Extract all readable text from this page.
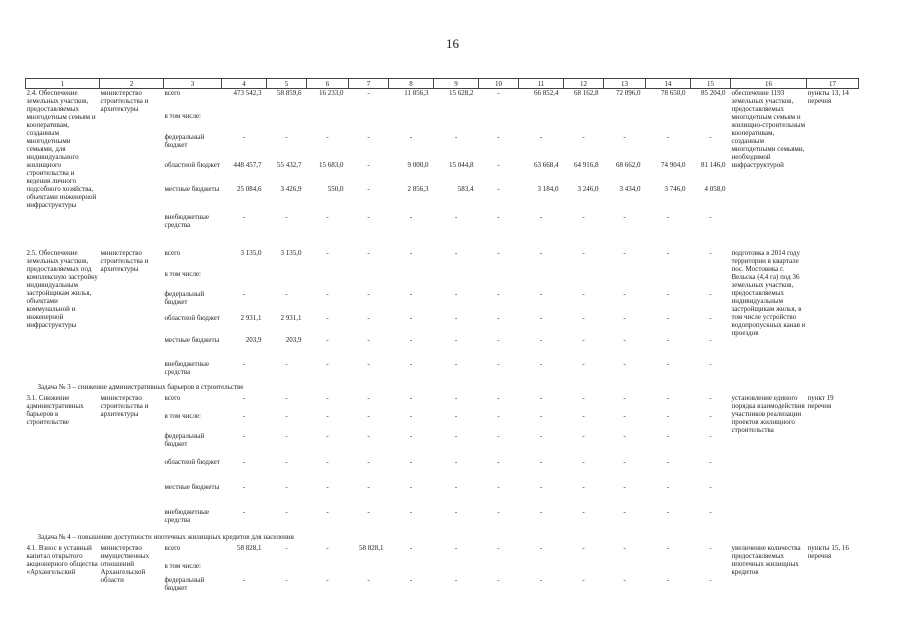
16
1	2	3	4	5	6	7	8	9	10	11	12	13	14	15	16	17
2.4. Обеспечение земельных участков, предоставляемых многодетным семьям и кооперативам, созданным многодетными семьями, для индивидуального жилищного строительства и ведения личного подсобного хозяйства, объектами инженерной инфраструктуры	министерство строительства и архитектуры	всего	473 542,3	58 859,6	16 233,0	-	11 856,3	15 628,2	-	66 852,4	68 162,8	72 096,0	78 650,0	85 204,0	обеспечение 1193 земельных участков, предоставляемых многодетным семьям и жилищно-строительным кооперативам, созданным многодетными семьями, необходимой инфраструктурой	пункты 13, 14 перечня
		в том числе:														
		федеральный бюджет	-	-	-	-	-	-	-	-	-	-	-	-		
		областной бюджет	448 457,7	55 432,7	15 683,0	-	9 000,0	15 044,8	-	63 668,4	64 916,8	68 662,0	74 904,0	81 146,0		
		местные бюджеты	25 084,6	3 426,9	550,0	-	2 856,3	583,4	-	3 184,0	3 246,0	3 434,0	3 746,0	4 058,0		
		внебюджетные средства	-	-	-	-	-	-	-	-	-	-	-	-		
2.5. Обеспечение земельных участков, предоставляемых под комплексную застройку индивидуальным застройщикам жилья, объектами коммунальной и инженерной инфраструктуры	министерство строительства и архитектуры	всего	3 135,0	3 135,0	-	-	-	-	-	-	-	-	-	-	подготовка в 2014 году территории в квартале пос. Мостовика г. Вельска (4,4 га) под 36 земельных участков, предоставляемых индивидуальным застройщикам жилья, в том числе устройство водопропускных канав и проездов	
		в том числе:														
		федеральный бюджет	-	-	-	-	-	-	-	-	-	-	-	-		
		областной бюджет	2 931,1	2 931,1	-	-	-	-	-	-	-	-	-	-		
		местные бюджеты	203,9	203,9	-	-	-	-	-	-	-	-	-	-		
		внебюджетные средства	-	-	-	-	-	-	-	-	-	-	-	-		
Задача № 3 – снижение административных барьеров в строительстве																
3.1. Снижение административных барьеров в строительстве	министерство строительства и архитектуры	всего	-	-	-	-	-	-	-	-	-	-	-	-	установление единого порядка взаимодействия участников реализации проектов жилищного строительства	пункт 19 перечня
		в том числе:	-	-	-	-	-	-	-	-	-	-	-	-		
		федеральный бюджет	-	-	-	-	-	-	-	-	-	-	-	-		
		областной бюджет	-	-	-	-	-	-	-	-	-	-	-	-		
		местные бюджеты	-	-	-	-	-	-	-	-	-	-	-	-		
		внебюджетные средства	-	-	-	-	-	-	-	-	-	-	-	-		
Задача № 4 – повышение доступности ипотечных жилищных кредитов для населения																
4.1. Взнос в уставный капитал открытого акционерного общества «Архангельский	министерство имущественных отношений Архангельской области	всего	58 828,1	-	-	58 828,1	-	-	-	-	-	-	-	-	увеличение количества предоставляемых ипотечных жилищных кредитов	пункты 15, 16 перечня
		в том числе:														
		федеральный бюджет	-	-	-	-	-	-	-	-	-	-	-	-		
